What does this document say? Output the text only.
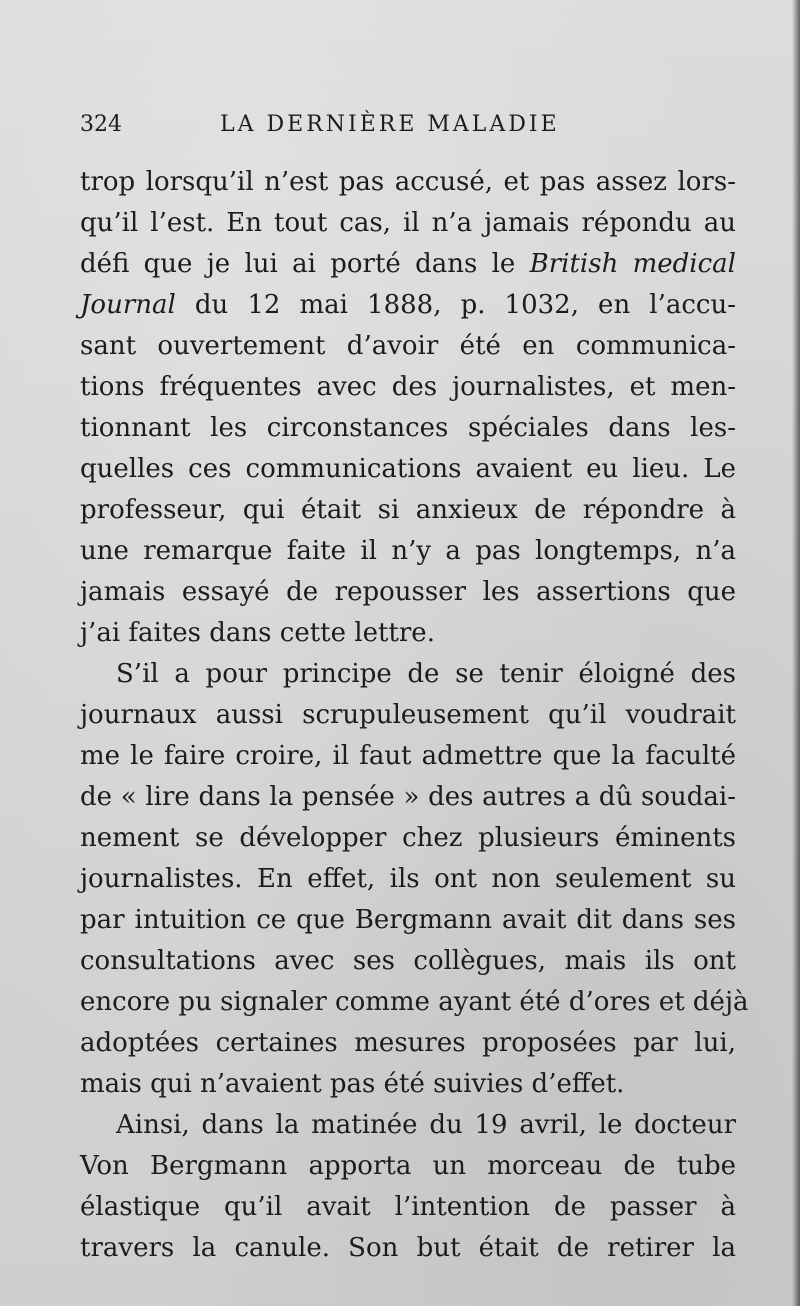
324	LA DERNIÈRE MALADIE
trop lorsqu’il n’est pas accusé, et pas assez lors-
qu’il l’est. En tout cas, il n’a jamais répondu au
défi que je lui ai porté dans le British medical
Journal du 12 mai 1888, p. 1032, en l’accu-
sant ouvertement d’avoir été en communica-
tions fréquentes avec des journalistes, et men-
tionnant les circonstances spéciales dans les-
quelles ces communications avaient eu lieu. Le
professeur, qui était si anxieux de répondre à
une remarque faite il n’y a pas longtemps, n’a
jamais essayé de repousser les assertions que
j’ai faites dans cette lettre.
S’il a pour principe de se tenir éloigné des
journaux aussi scrupuleusement qu’il voudrait
me le faire croire, il faut admettre que la faculté
de « lire dans la pensée » des autres a dû soudai-
nement se développer chez plusieurs éminents
journalistes. En effet, ils ont non seulement su
par intuition ce que Bergmann avait dit dans ses
consultations avec ses collègues, mais ils ont
encore pu signaler comme ayant été d’ores et déjà
adoptées certaines mesures proposées par lui,
mais qui n’avaient pas été suivies d’effet.
Ainsi, dans la matinée du 19 avril, le docteur
Von Bergmann apporta un morceau de tube
élastique qu’il avait l’intention de passer à
travers la canule. Son but était de retirer la
